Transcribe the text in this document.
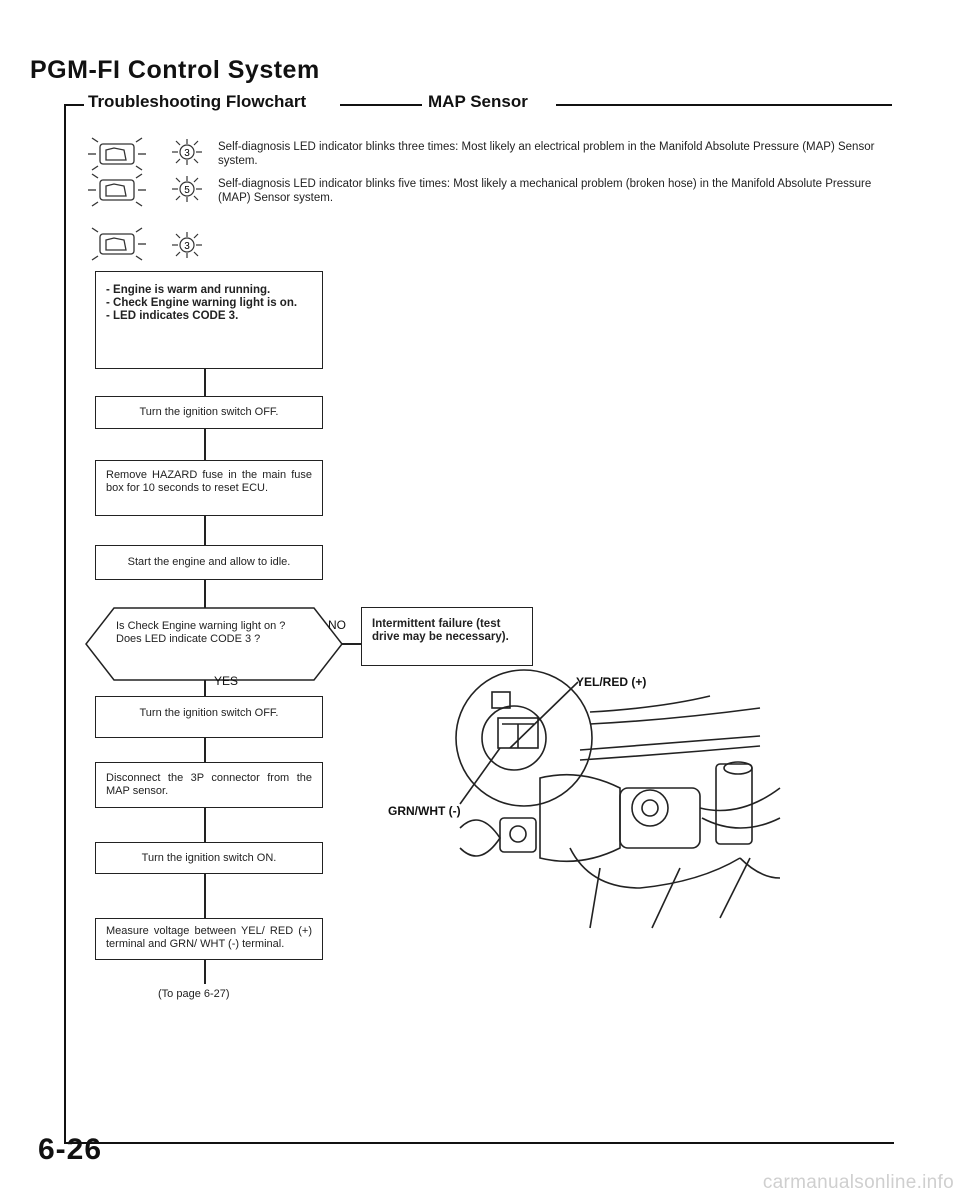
PGM-FI Control System
Troubleshooting Flowchart	MAP Sensor
3
Self-diagnosis LED indicator blinks three times: Most likely an electrical problem in the Manifold Absolute Pressure (MAP) Sensor system.
5
Self-diagnosis LED indicator blinks five times: Most likely a mechanical problem (broken hose) in the Manifold Absolute Pressure (MAP) Sensor system.
3
- Engine is warm and running.
- Check Engine warning light is on.
- LED indicates CODE 3.
Turn the ignition switch OFF.
Remove HAZARD fuse in the main fuse box for 10 seconds to reset ECU.
Start the engine and allow to idle.
Is Check Engine warning light on ? Does LED indicate CODE 3 ?
NO	Intermittent failure (test drive may be necessary).
YES
Turn the ignition switch OFF.
Disconnect the 3P connector from the MAP sensor.
Turn the ignition switch ON.
Measure voltage between YEL/ RED (+) terminal and GRN/ WHT (-) terminal.
(To page 6-27)
YEL/RED (+)
GRN/WHT (-)
6-26
carmanualsonline.info
